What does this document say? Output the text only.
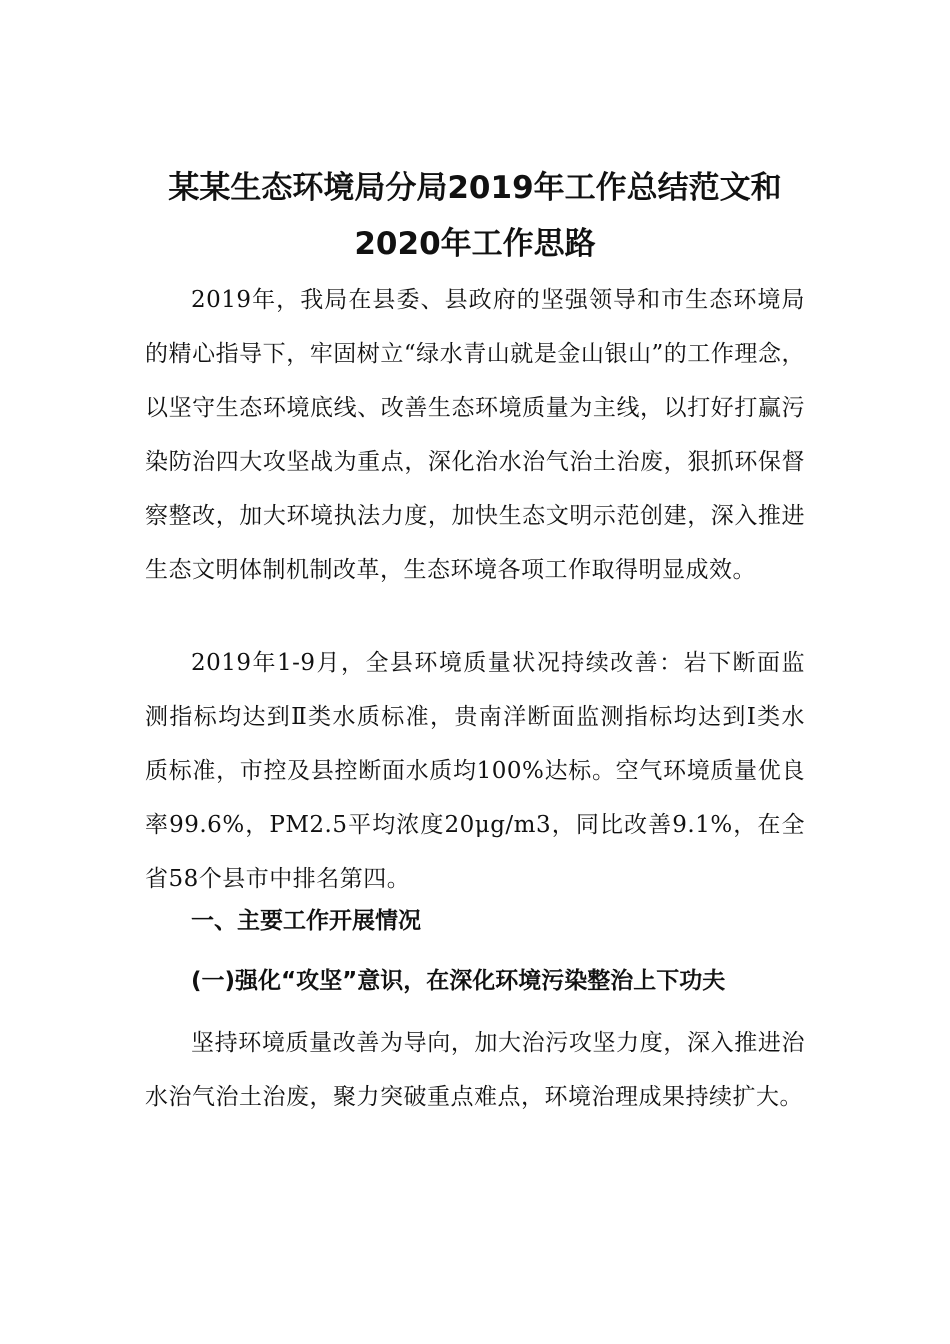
某某生态环境局分局2019年工作总结范文和
2020年工作思路

2019年，我局在县委、县政府的坚强领导和市生态环境局的精心指导下，牢固树立“绿水青山就是金山银山”的工作理念，以坚守生态环境底线、改善生态环境质量为主线，以打好打赢污染防治四大攻坚战为重点，深化治水治气治土治废，狠抓环保督察整改，加大环境执法力度，加快生态文明示范创建，深入推进生态文明体制机制改革，生态环境各项工作取得明显成效。

2019年1-9月，全县环境质量状况持续改善：岩下断面监测指标均达到Ⅱ类水质标准，贵南洋断面监测指标均达到Ⅰ类水质标准，市控及县控断面水质均100%达标。空气环境质量优良率99.6%，PM2.5平均浓度20μg/m3，同比改善9.1%，在全省58个县市中排名第四。

一、主要工作开展情况
(一)强化“攻坚”意识，在深化环境污染整治上下功夫

坚持环境质量改善为导向，加大治污攻坚力度，深入推进治水治气治土治废，聚力突破重点难点，环境治理成果持续扩大。
